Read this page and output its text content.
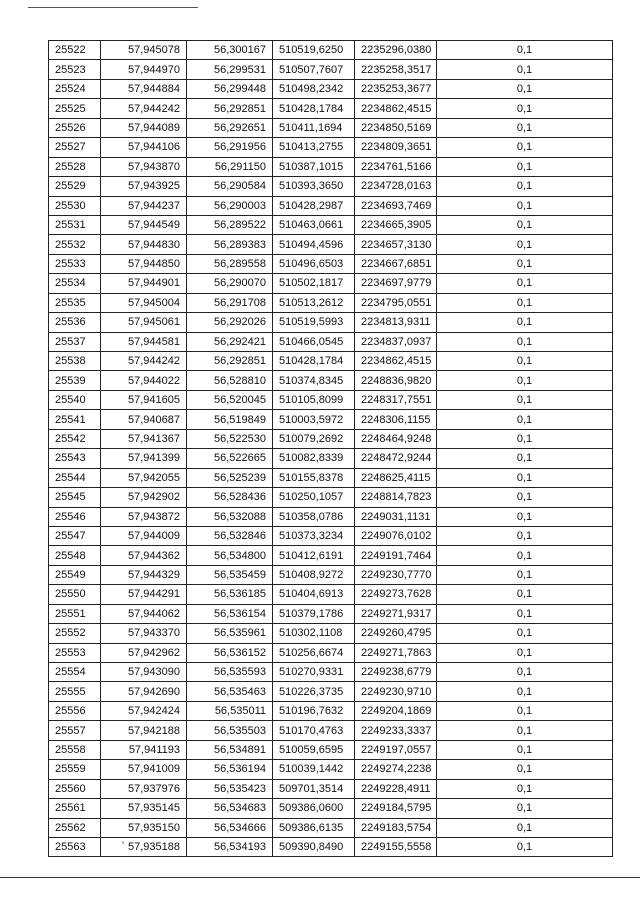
25522	57,945078	56,300167	510519,6250	2235296,0380	0,1
25523	57,944970	56,299531	510507,7607	2235258,3517	0,1
25524	57,944884	56,299448	510498,2342	2235253,3677	0,1
25525	57,944242	56,292851	510428,1784	2234862,4515	0,1
25526	57,944089	56,292651	510411,1694	2234850,5169	0,1
25527	57,944106	56,291956	510413,2755	2234809,3651	0,1
25528	57,943870	56,291150	510387,1015	2234761,5166	0,1
25529	57,943925	56,290584	510393,3650	2234728,0163	0,1
25530	57,944237	56,290003	510428,2987	2234693,7469	0,1
25531	57,944549	56,289522	510463,0661	2234665,3905	0,1
25532	57,944830	56,289383	510494,4596	2234657,3130	0,1
25533	57,944850	56,289558	510496,6503	2234667,6851	0,1
25534	57,944901	56,290070	510502,1817	2234697,9779	0,1
25535	57,945004	56,291708	510513,2612	2234795,0551	0,1
25536	57,945061	56,292026	510519,5993	2234813,9311	0,1
25537	57,944581	56,292421	510466,0545	2234837,0937	0,1
25538	57,944242	56,292851	510428,1784	2234862,4515	0,1
25539	57,944022	56,528810	510374,8345	2248836,9820	0,1
25540	57,941605	56,520045	510105,8099	2248317,7551	0,1
25541	57,940687	56,519849	510003,5972	2248306,1155	0,1
25542	57,941367	56,522530	510079,2692	2248464,9248	0,1
25543	57,941399	56,522665	510082,8339	2248472,9244	0,1
25544	57,942055	56,525239	510155,8378	2248625,4115	0,1
25545	57,942902	56,528436	510250,1057	2248814,7823	0,1
25546	57,943872	56,532088	510358,0786	2249031,1131	0,1
25547	57,944009	56,532846	510373,3234	2249076,0102	0,1
25548	57,944362	56,534800	510412,6191	2249191,7464	0,1
25549	57,944329	56,535459	510408,9272	2249230,7770	0,1
25550	57,944291	56,536185	510404,6913	2249273,7628	0,1
25551	57,944062	56,536154	510379,1786	2249271,9317	0,1
25552	57,943370	56,535961	510302,1108	2249260,4795	0,1
25553	57,942962	56,536152	510256,6674	2249271,7863	0,1
25554	57,943090	56,535593	510270,9331	2249238,6779	0,1
25555	57,942690	56,535463	510226,3735	2249230,9710	0,1
25556	57,942424	56,535011	510196,7632	2249204,1869	0,1
25557	57,942188	56,535503	510170,4763	2249233,3337	0,1
25558	57,941193	56,534891	510059,6595	2249197,0557	0,1
25559	57,941009	56,536194	510039,1442	2249274,2238	0,1
25560	57,937976	56,535423	509701,3514	2249228,4911	0,1
25561	57,935145	56,534683	509386,0600	2249184,5795	0,1
25562	57,935150	56,534666	509386,6135	2249183,5754	0,1
25563	` 57,935188	56,534193	509390,8490	2249155,5558	0,1
